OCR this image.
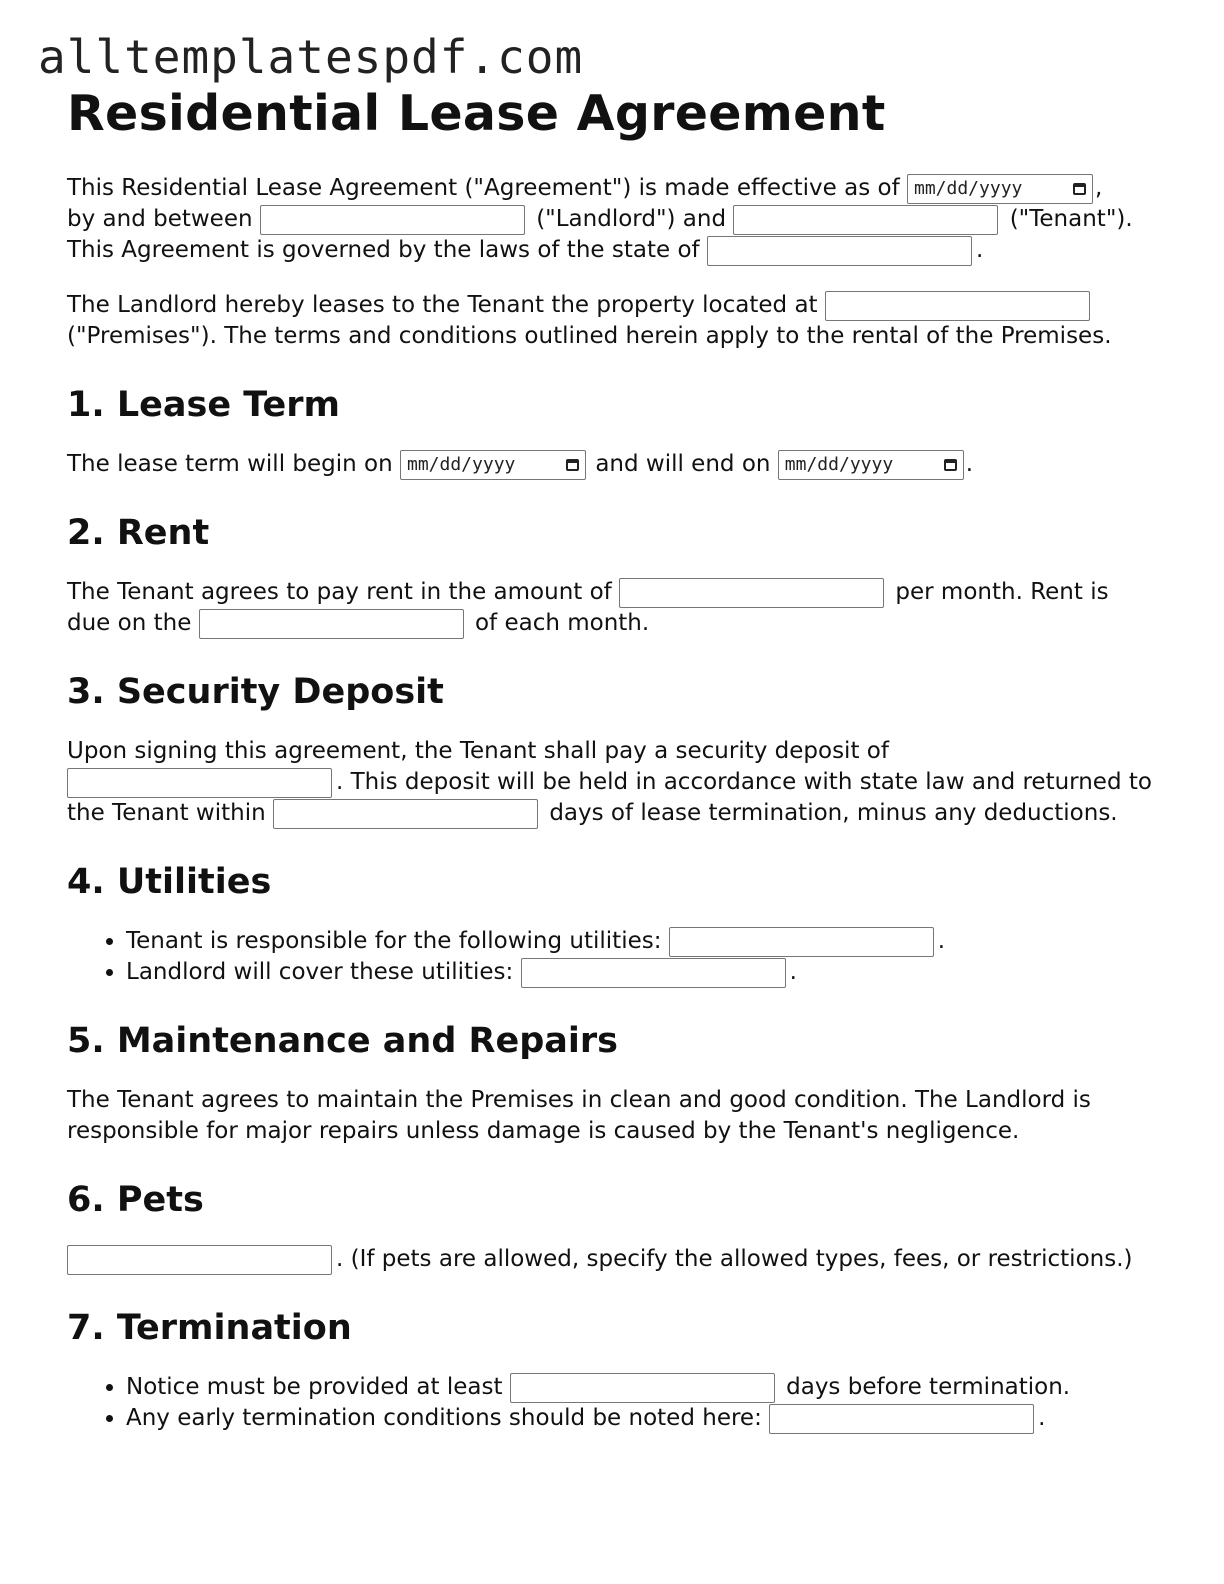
alltemplatespdf.com
Residential Lease Agreement

This Residential Lease Agreement ("Agreement") is made effective as of mm/dd/yyyy	,
by and between	("Landlord") and	("Tenant").
This Agreement is governed by the laws of the state of	.

The Landlord hereby leases to the Tenant the property located at  ("Premises"). The terms and conditions outlined herein apply to the rental of the Premises.

1. Lease Term

The lease term will begin on mm/dd/yyyy	and will end on mm/dd/yyyy	.

2. Rent

The Tenant agrees to pay rent in the amount of	per month. Rent is due on the	of each month.

3. Security Deposit

Upon signing this agreement, the Tenant shall pay a security deposit of . This deposit will be held in accordance with state law and returned to the Tenant within	days of lease termination, minus any deductions.

4. Utilities
• Tenant is responsible for the following utilities:	.
• Landlord will cover these utilities:	.
5. Maintenance and Repairs

The Tenant agrees to maintain the Premises in clean and good condition. The Landlord is responsible for major repairs unless damage is caused by the Tenant's negligence.

6. Pets

. (If pets are allowed, specify the allowed types, fees, or restrictions.)

7. Termination
• Notice must be provided at least	days before termination.
• Any early termination conditions should be noted here:	.
